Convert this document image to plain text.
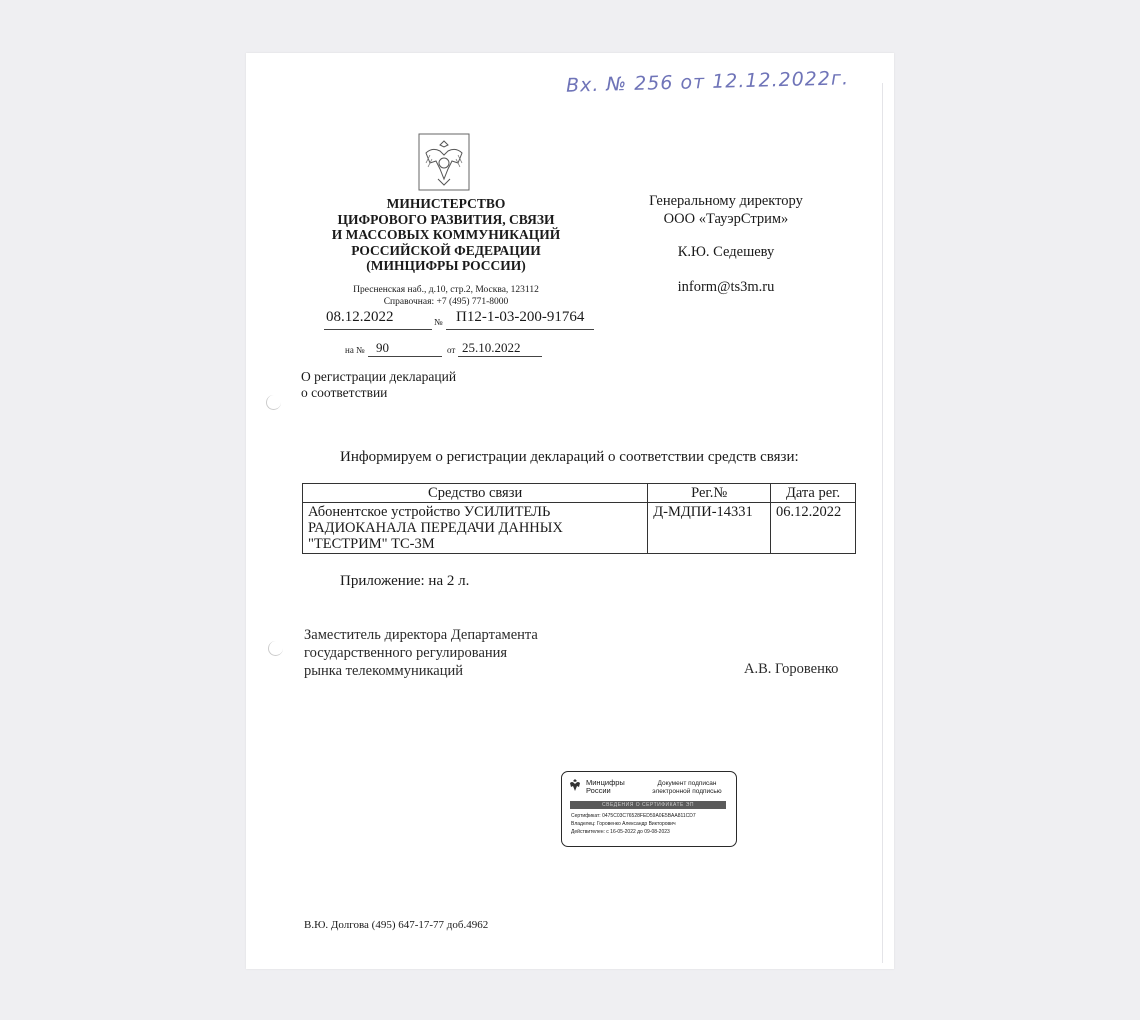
Вх. № 256 от 12.12.2022г.
МИНИСТЕРСТВО
ЦИФРОВОГО РАЗВИТИЯ, СВЯЗИ
И МАССОВЫХ КОММУНИКАЦИЙ
РОССИЙСКОЙ ФЕДЕРАЦИИ
(МИНЦИФРЫ РОССИИ)
Пресненская наб., д.10, стр.2, Москва, 123112
Справочная: +7 (495) 771-8000
08.12.2022	№ П12-1-03-200-91764
на № 90	от 25.10.2022
Генеральному директору
ООО «ТауэрСтрим»
К.Ю. Седешеву
inform@ts3m.ru
О регистрации деклараций
о соответствии
Информируем о регистрации деклараций о соответствии средств связи:
Средство связи	Рег.№	Дата рег.
Абонентское устройство УСИЛИТЕЛЬ РАДИОКАНАЛА ПЕРЕДАЧИ ДАННЫХ "ТЕСТРИМ" ТС-3М	Д-МДПИ-14331	06.12.2022
Приложение: на 2 л.
Заместитель директора Департамента
государственного регулирования
рынка телекоммуникаций	А.В. Горовенко
Минцифры
России
Документ подписан
электронной подписью
СВЕДЕНИЯ О СЕРТИФИКАТЕ ЭП
Сертификат: 0475C03C76528FED59A0E5BAA811CD7
Владелец: Горовенко Александр Викторович
Действителен: с 16-05-2022 до 09-08-2023
В.Ю. Долгова (495) 647-17-77 доб.4962
